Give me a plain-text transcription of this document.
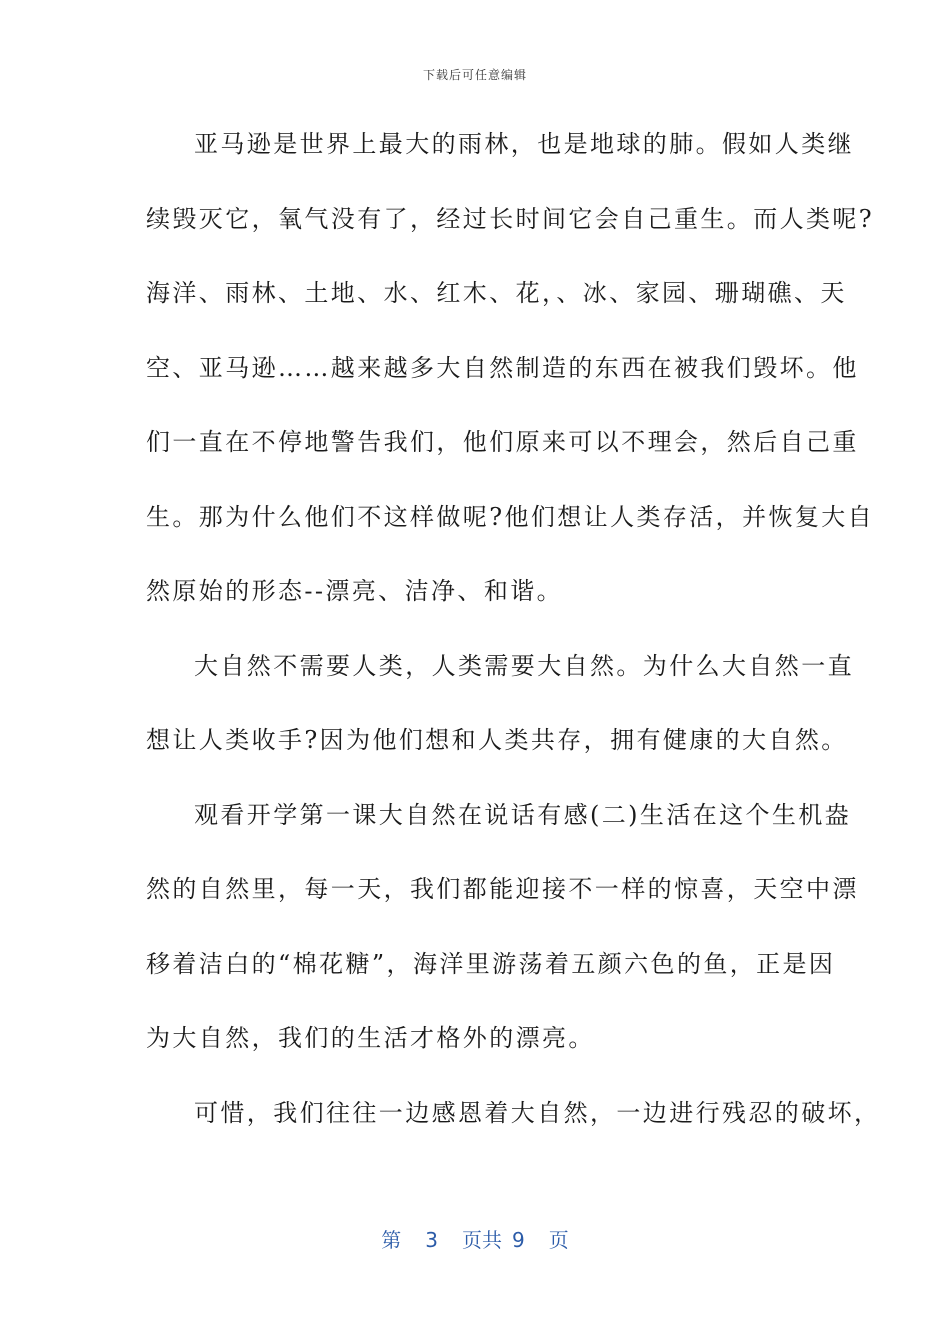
下载后可任意编辑
亚马逊是世界上最大的雨林，也是地球的肺。假如人类继
续毁灭它，氧气没有了，经过长时间它会自己重生。而人类呢?
海洋、雨林、土地、水、红木、花，、冰、家园、珊瑚礁、天
空、亚马逊……越来越多大自然制造的东西在被我们毁坏。他
们一直在不停地警告我们，他们原来可以不理会，然后自己重
生。那为什么他们不这样做呢?他们想让人类存活，并恢复大自
然原始的形态--漂亮、洁净、和谐。
大自然不需要人类，人类需要大自然。为什么大自然一直
想让人类收手?因为他们想和人类共存，拥有健康的大自然。
观看开学第一课大自然在说话有感(二)生活在这个生机盎
然的自然里，每一天，我们都能迎接不一样的惊喜，天空中漂
移着洁白的“棉花糖”，海洋里游荡着五颜六色的鱼，正是因
为大自然，我们的生活才格外的漂亮。
可惜，我们往往一边感恩着大自然，一边进行残忍的破坏，
第 3 页共 9 页
